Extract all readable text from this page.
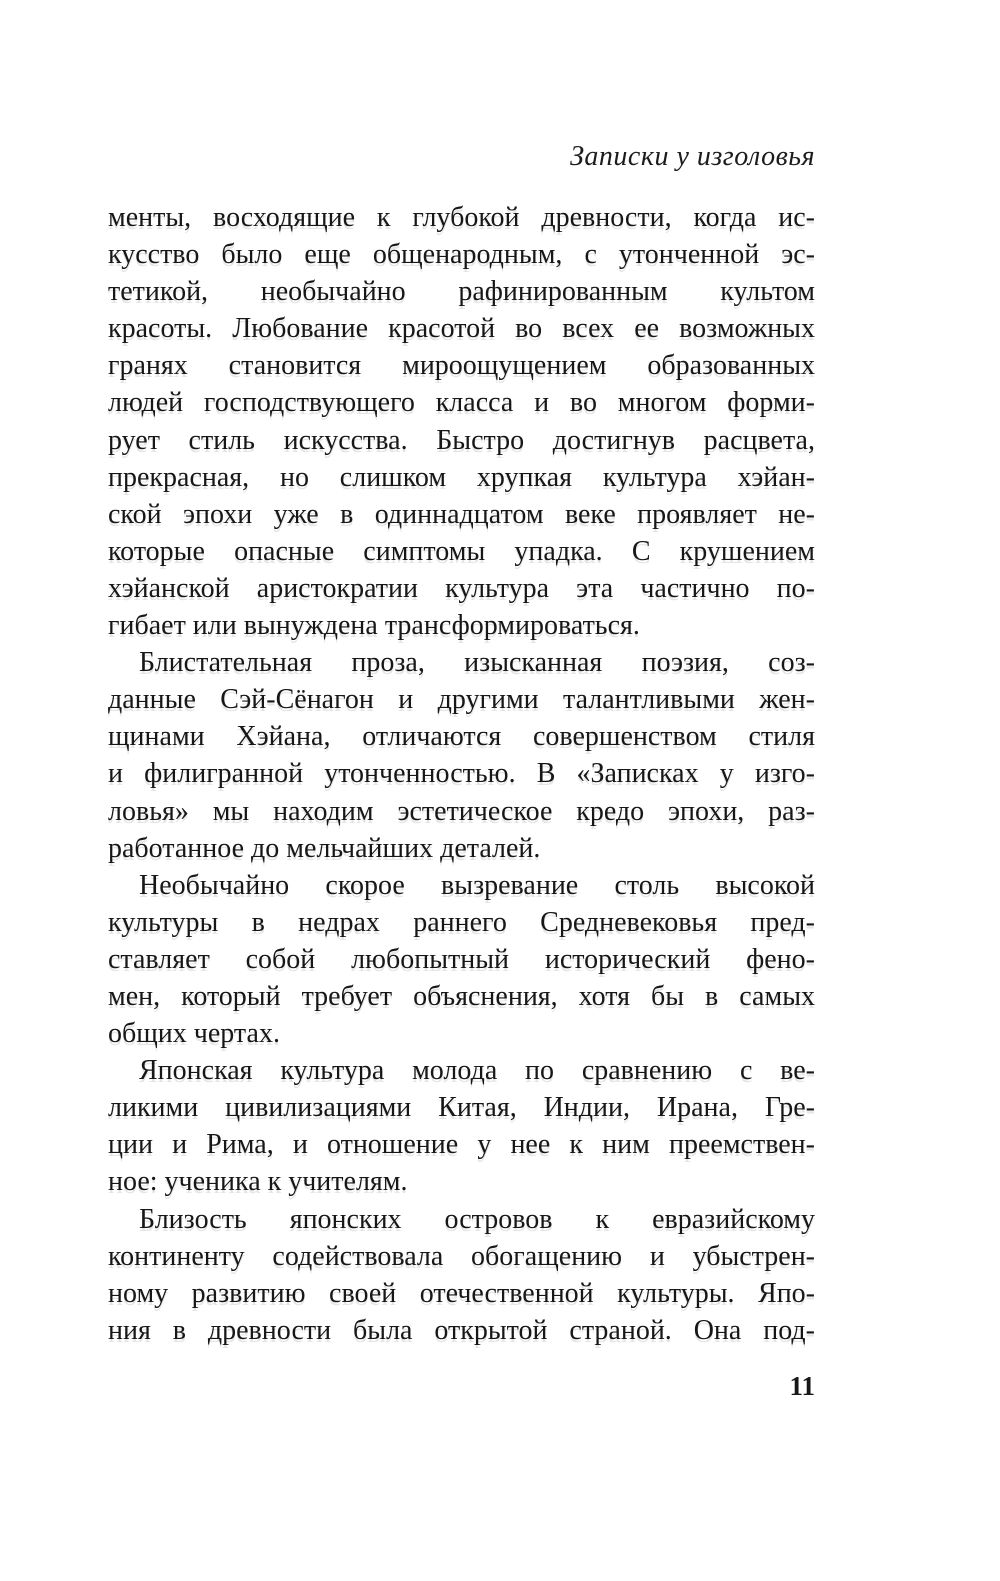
Записки у изголовья
менты, восходящие к глубокой древности, когда ис-
кусство было еще общенародным, с утонченной эс-
тетикой, необычайно рафинированным культом
красоты. Любование красотой во всех ее возможных
гранях становится мироощущением образованных
людей господствующего класса и во многом форми-
рует стиль искусства. Быстро достигнув расцвета,
прекрасная, но слишком хрупкая культура хэйан-
ской эпохи уже в одиннадцатом веке проявляет не-
которые опасные симптомы упадка. С крушением
хэйанской аристократии культура эта частично по-
гибает или вынуждена трансформироваться.
Блистательная проза, изысканная поэзия, соз-
данные Сэй-Сёнагон и другими талантливыми жен-
щинами Хэйана, отличаются совершенством стиля
и филигранной утонченностью. В «Записках у изго-
ловья» мы находим эстетическое кредо эпохи, раз-
работанное до мельчайших деталей.
Необычайно скорое вызревание столь высокой
культуры в недрах раннего Средневековья пред-
ставляет собой любопытный исторический фено-
мен, который требует объяснения, хотя бы в самых
общих чертах.
Японская культура молода по сравнению с ве-
ликими цивилизациями Китая, Индии, Ирана, Гре-
ции и Рима, и отношение у нее к ним преемствен-
ное: ученика к учителям.
Близость японских островов к евразийскому
континенту содействовала обогащению и убыстрен-
ному развитию своей отечественной культуры. Япо-
ния в древности была открытой страной. Она под-
11
